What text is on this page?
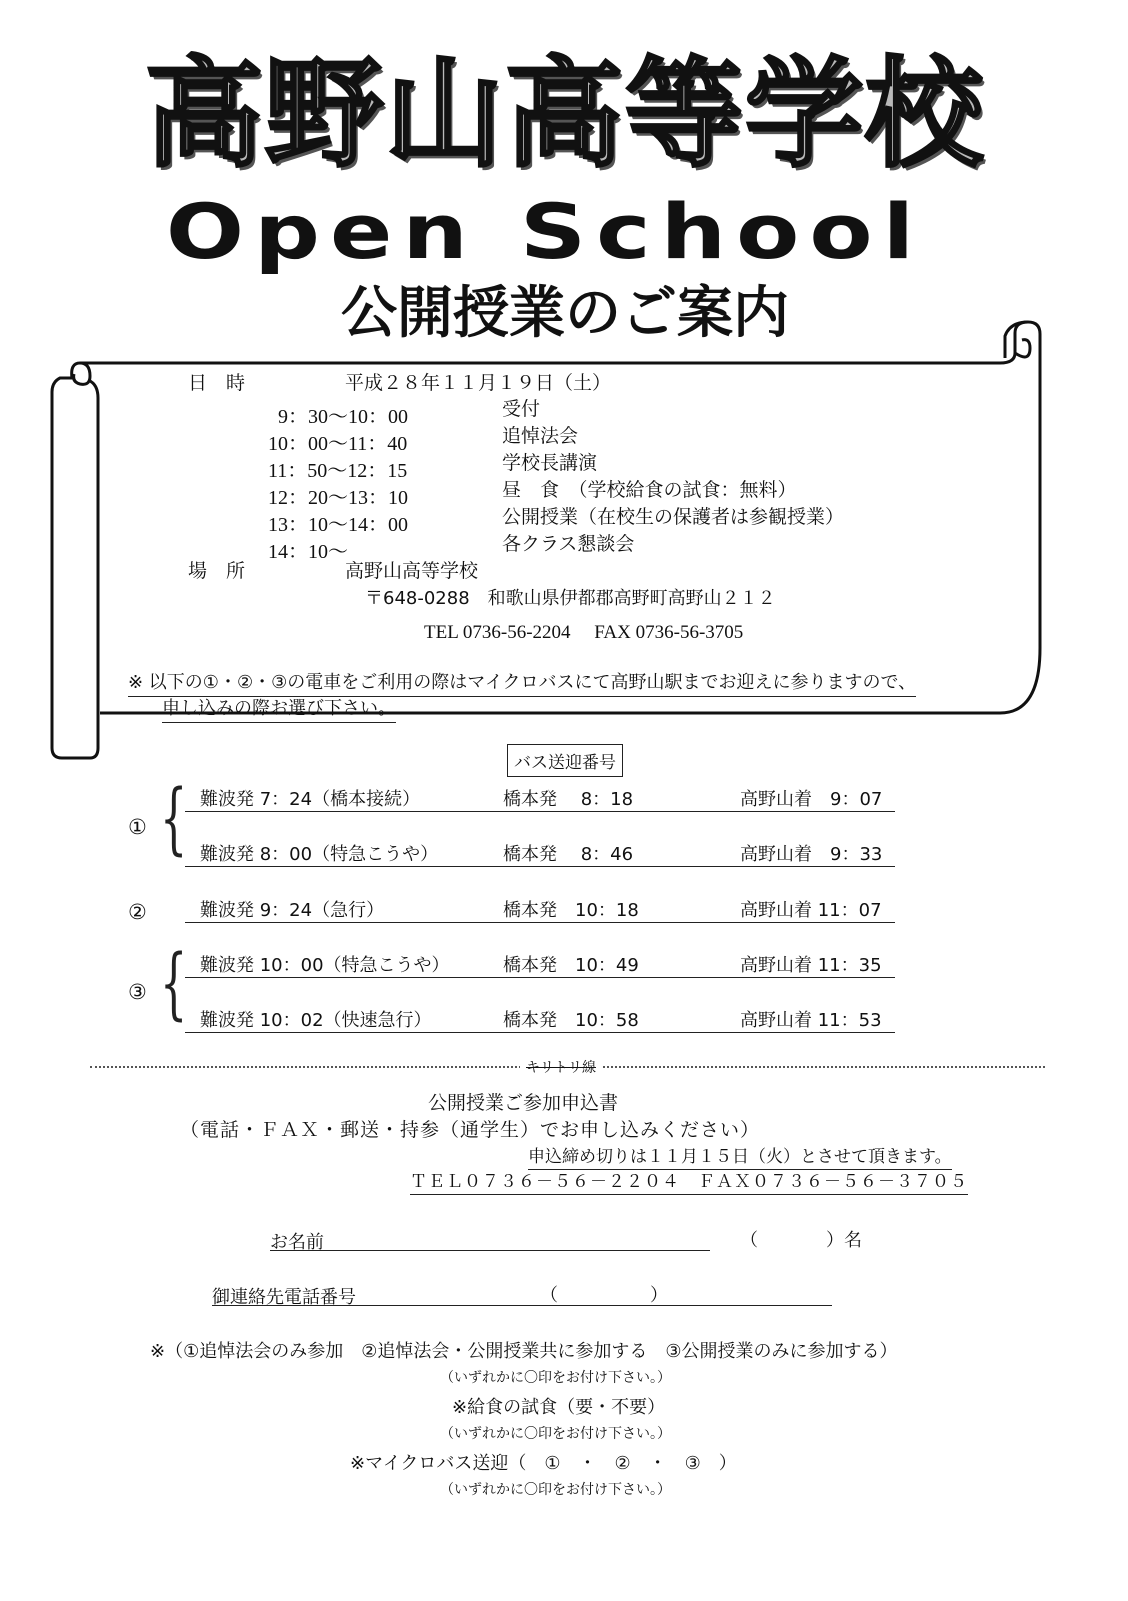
高野山高等学校
Open School
公開授業のご案内
日　時	平成２８年１１月１９日（土）
9：30～10：00	受付
10：00～11：40	追悼法会
11：50～12：15	学校長講演
12：20～13：10	昼　食　（学校給食の試食：無料）
13：10～14：00	公開授業（在校生の保護者は参観授業）
14：10～	各クラス懇談会
場　所	高野山高等学校
〒648-0288　和歌山県伊都郡高野町高野山２１２
TEL 0736-56-2204　 FAX 0736-56-3705
※ 以下の①・②・③の電車をご利用の際はマイクロバスにて高野山駅までお迎えに参りますので、
申し込みの際お選び下さい。
バス送迎番号
① { 難波発 7：24（橋本接続）	橋本発　 8：18	高野山着　9：07
難波発 8：00（特急こうや）	橋本発　 8：46	高野山着　9：33
②	難波発 9：24（急行）	橋本発　10：18	高野山着 11：07
③ { 難波発 10：00（特急こうや）	橋本発　10：49	高野山着 11：35
難波発 10：02（快速急行）	橋本発　10：58	高野山着 11：53
キリトリ線
公開授業ご参加申込書
（電話・ＦＡＸ・郵送・持参（通学生）でお申し込みください）
申込締め切りは１１月１５日（火）とさせて頂きます。
ＴＥＬ０７３６－５６－２２０４　ＦＡＸ０７３６－５６－３７０５
お名前	（	）名
御連絡先電話番号	（	）
※（①追悼法会のみ参加　②追悼法会・公開授業共に参加する　③公開授業のみに参加する）
（いずれかに〇印をお付け下さい。）
※給食の試食（要・不要）
（いずれかに〇印をお付け下さい。）
※マイクロバス送迎（　①　・　②　・　③　）
（いずれかに〇印をお付け下さい。）
